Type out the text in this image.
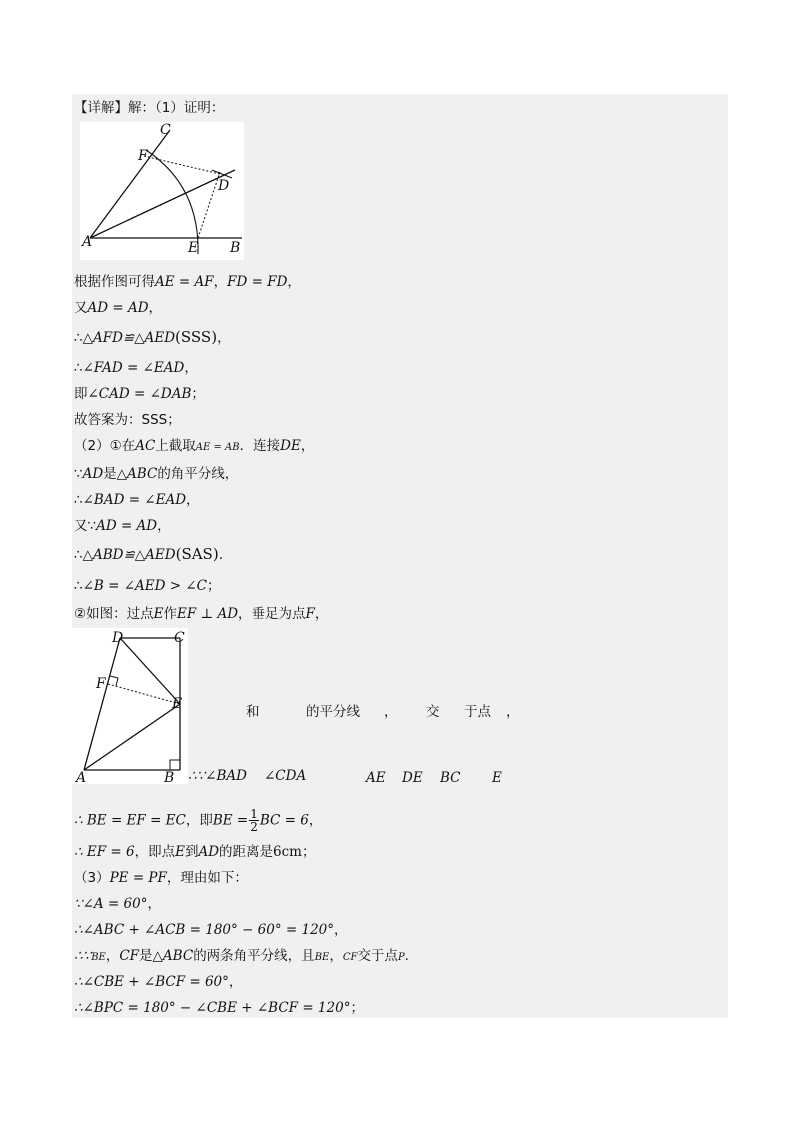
【详解】解：（1）证明：
C
F
D
A	E B
根据作图可得AE = AF，FD = FD，
又AD = AD，
∴△AFD≌△AED(SSS)，
∴∠FAD = ∠EAD，
即∠CAD = ∠DAB；
故答案为：SSS；
（2）①在AC上截取AE = AB．连接DE，
∵AD是△ABC的角平分线，
∴∠BAD = ∠EAD，
又∵AD = AD，
∴△ABD≌△AED(SAS).
∴∠B = ∠AED > ∠C；
②如图：过点E作EF ⊥ AD，垂足为点F，
D	C
F
E
A	B
和	的平分线 ， 交 于点 ，
∴∵∠BAD ∠CDA	AE DE BC E
∴ BE = EF = EC，即BE = $\frac{1}{2}$ BC = 6，
∴ EF = 6，即点E到AD的距离是6cm；
（3）PE = PF，理由如下：
∵∠A = 60°，
∴∠ABC + ∠ACB = 180° − 60° = 120°，
∴∵BE，CF是△ABC的两条角平分线，且BE，CF交于点P.
∴∠CBE + ∠BCF = 60°，
∴∠BPC = 180° − ∠CBE + ∠BCF = 120°；
